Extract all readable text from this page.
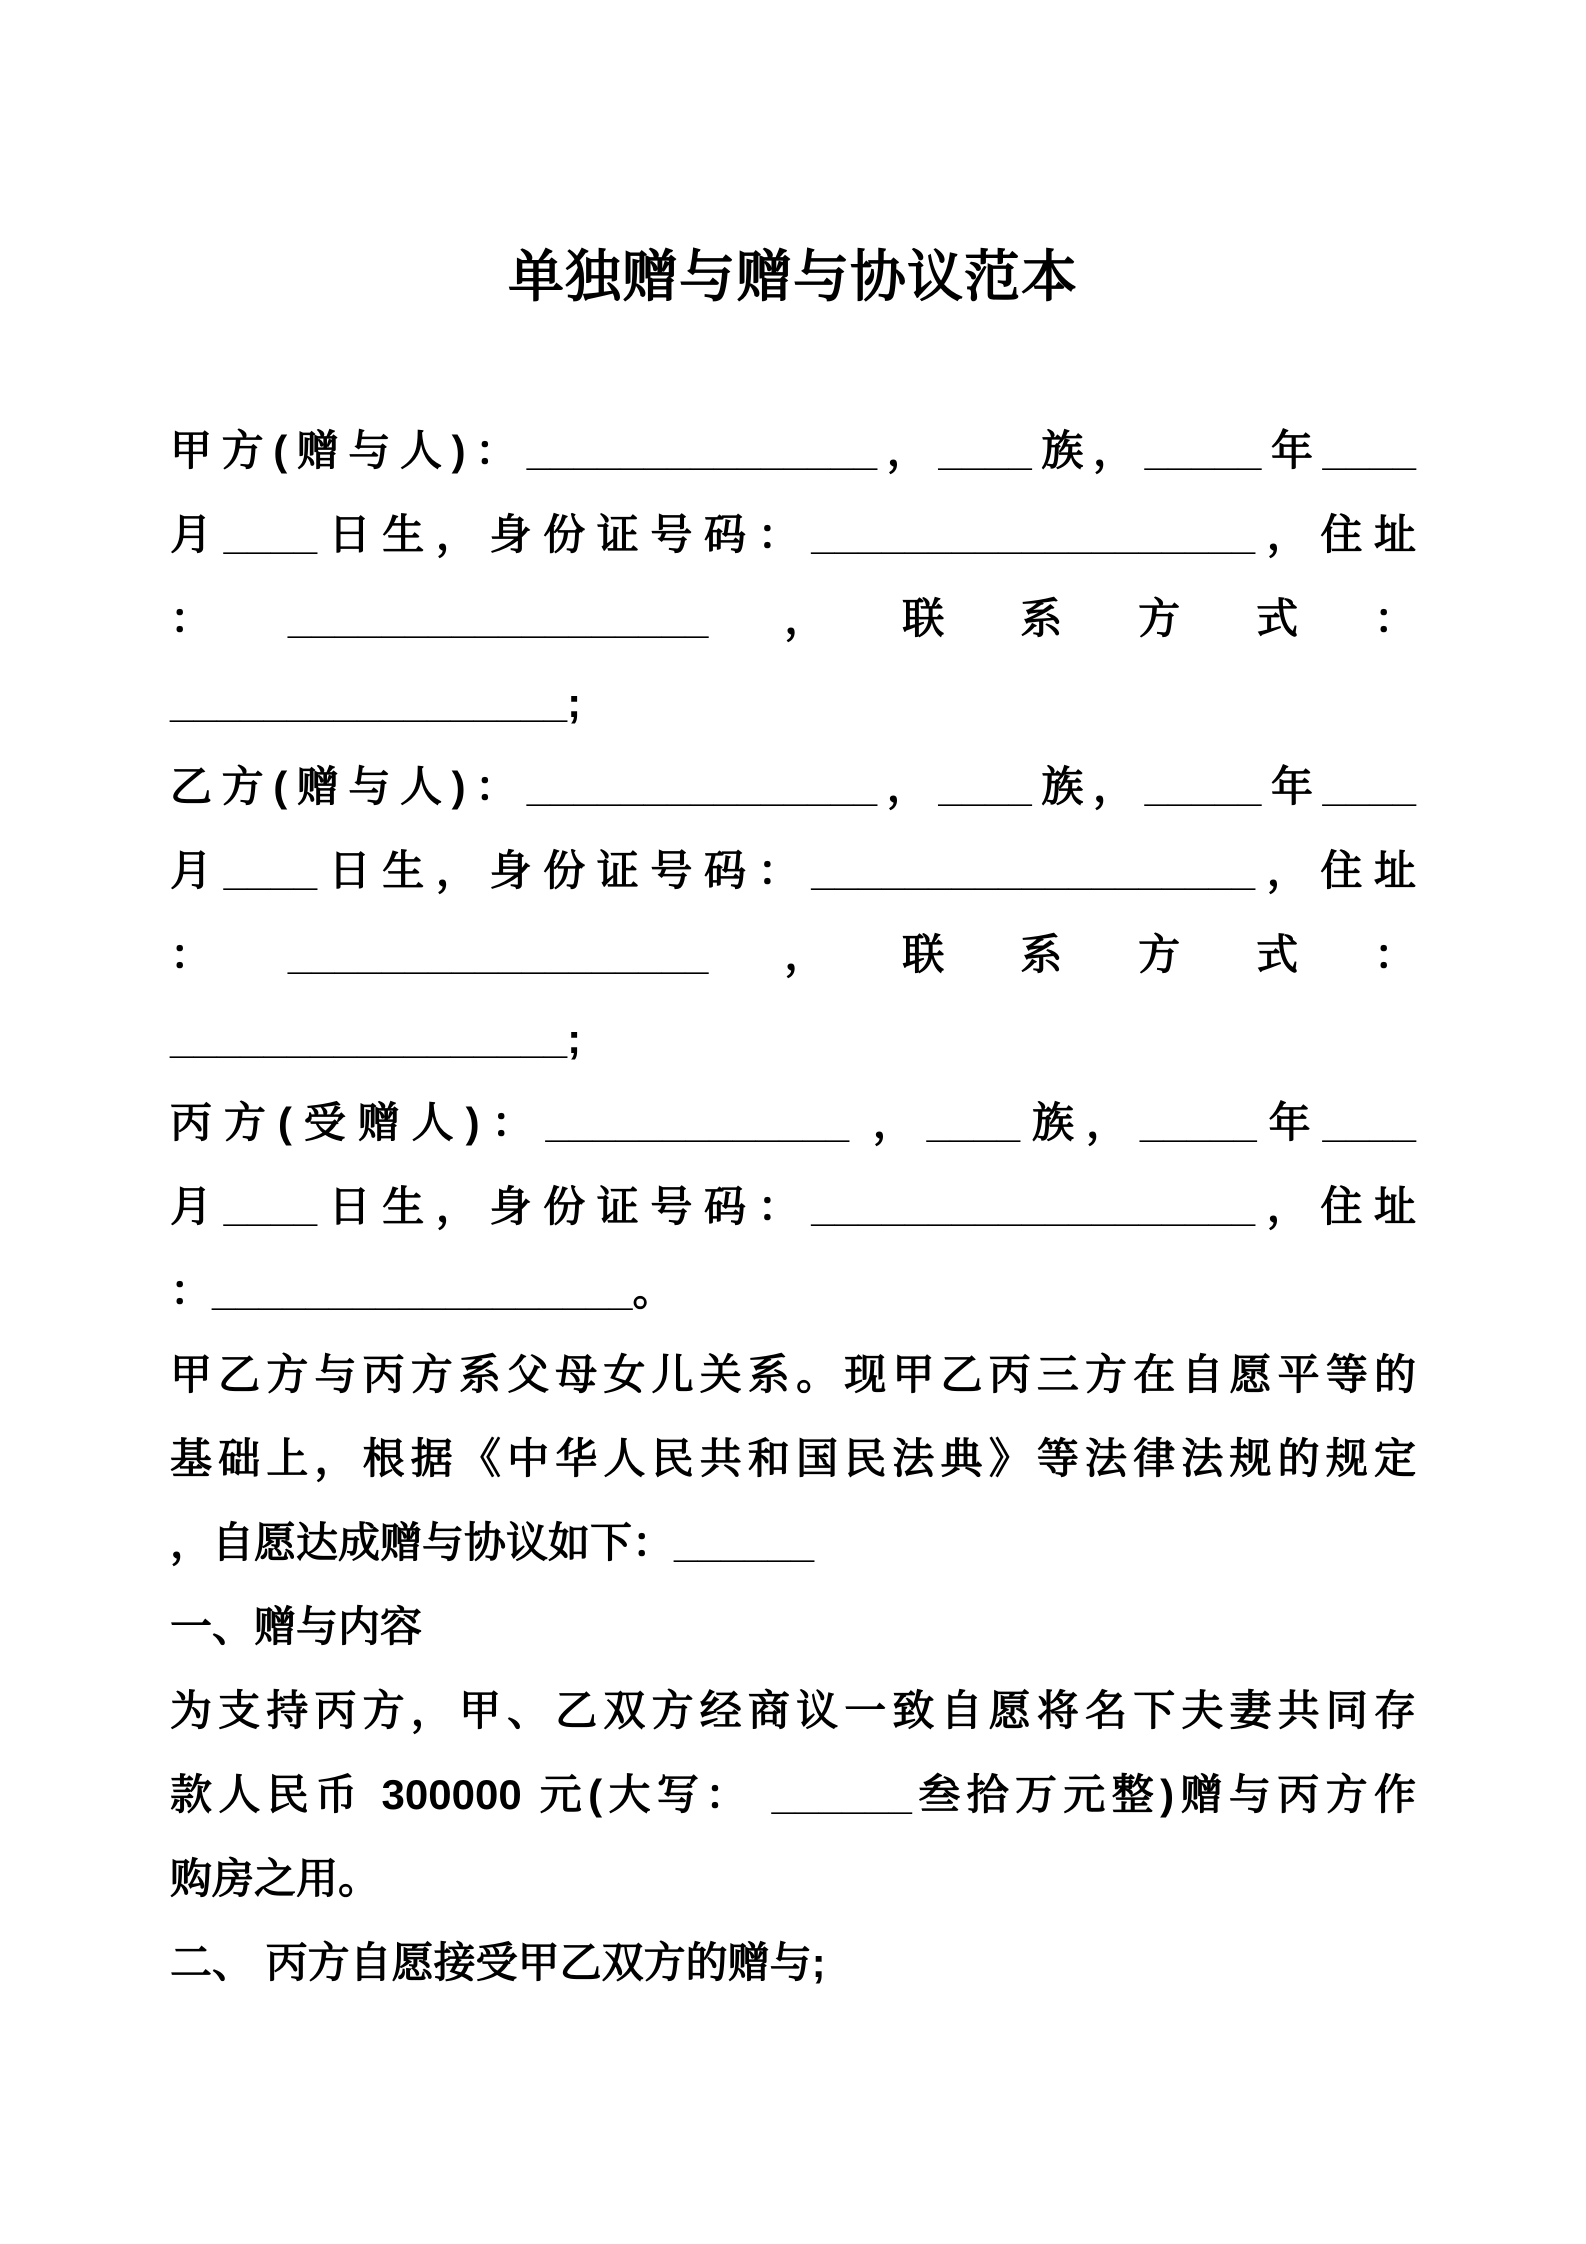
单独赠与赠与协议范本
甲方(赠与人)：_______________，____族，_____年____
月____日生，身份证号码：___________________，住址
：__________________，联系方式：
_________________;
乙方(赠与人)：_______________，____族，_____年____
月____日生，身份证号码：___________________，住址
：__________________，联系方式：
_________________;
丙方(受赠人)：_____________ ，____族，_____年____
月____日生，身份证号码：___________________，住址
：__________________。
甲乙方与丙方系父母女儿关系。现甲乙丙三方在自愿平等的
基础上，根据《中华人民共和国民法典》等法律法规的规定
，自愿达成赠与协议如下：______
一、赠与内容
为支持丙方，甲、乙双方经商议一致自愿将名下夫妻共同存
款人民币 300000 元(大写： ______叁拾万元整)赠与丙方作
购房之用。
二、 丙方自愿接受甲乙双方的赠与;
